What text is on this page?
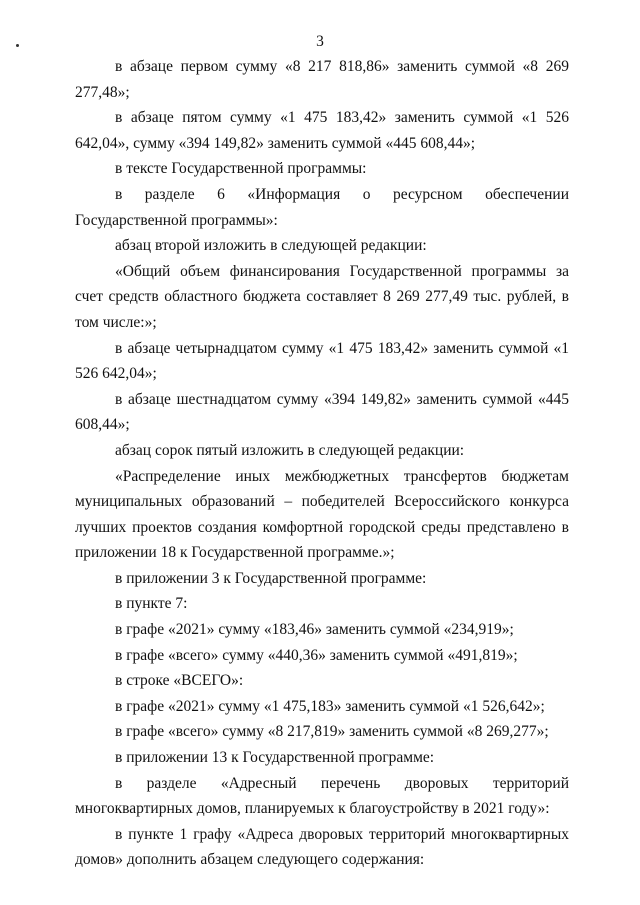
3

в абзаце первом сумму «8 217 818,86» заменить суммой «8 269 277,48»;

в абзаце пятом сумму «1 475 183,42» заменить суммой «1 526 642,04», сумму «394 149,82» заменить суммой «445 608,44»;

в тексте Государственной программы:

в разделе 6 «Информация о ресурсном обеспечении Государственной программы»:

абзац второй изложить в следующей редакции:

«Общий объем финансирования Государственной программы за счет средств областного бюджета составляет 8 269 277,49 тыс. рублей, в том числе:»;

в абзаце четырнадцатом сумму «1 475 183,42» заменить суммой «1 526 642,04»;

в абзаце шестнадцатом сумму «394 149,82» заменить суммой «445 608,44»;

абзац сорок пятый изложить в следующей редакции:

«Распределение иных межбюджетных трансфертов бюджетам муниципальных образований – победителей Всероссийского конкурса лучших проектов создания комфортной городской среды представлено в приложении 18 к Государственной программе.»;

в приложении 3 к Государственной программе:

в пункте 7:

в графе «2021» сумму «183,46» заменить суммой «234,919»;

в графе «всего» сумму «440,36» заменить суммой «491,819»;

в строке «ВСЕГО»:

в графе «2021» сумму «1 475,183» заменить суммой «1 526,642»;

в графе «всего» сумму «8 217,819» заменить суммой «8 269,277»;

в приложении 13 к Государственной программе:

в разделе «Адресный перечень дворовых территорий многоквартирных домов, планируемых к благоустройству в 2021 году»:

в пункте 1 графу «Адреса дворовых территорий многоквартирных домов» дополнить абзацем следующего содержания:
